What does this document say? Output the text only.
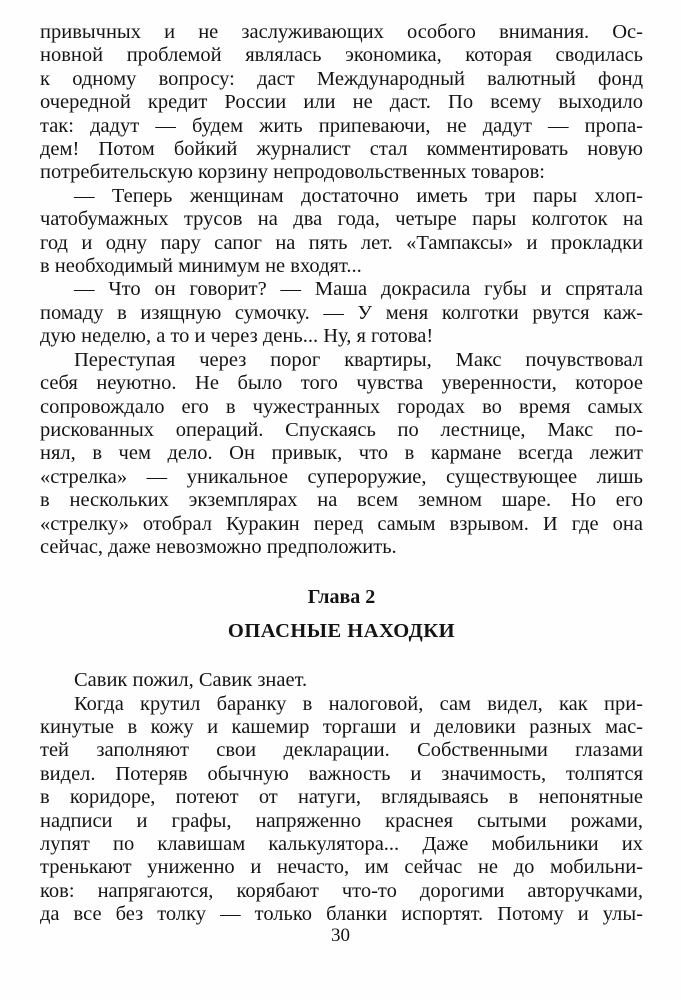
привычных и не заслуживающих особого внимания. Ос-
новной проблемой являлась экономика, которая сводилась
к одному вопросу: даст Международный валютный фонд
очередной кредит России или не даст. По всему выходило
так: дадут — будем жить припеваючи, не дадут — пропа-
дем! Потом бойкий журналист стал комментировать новую
потребительскую корзину непродовольственных товаров:

— Теперь женщинам достаточно иметь три пары хлоп-
чатобумажных трусов на два года, четыре пары колготок на
год и одну пару сапог на пять лет. «Тампаксы» и прокладки
в необходимый минимум не входят...

— Что он говорит? — Маша докрасила губы и спрятала
помаду в изящную сумочку. — У меня колготки рвутся каж-
дую неделю, а то и через день... Ну, я готова!

Переступая через порог квартиры, Макс почувствовал
себя неуютно. Не было того чувства уверенности, которое
сопровождало его в чужестранных городах во время самых
рискованных операций. Спускаясь по лестнице, Макс по-
нял, в чем дело. Он привык, что в кармане всегда лежит
«стрелка» — уникальное супероружие, существующее лишь
в нескольких экземплярах на всем земном шаре. Но его
«стрелку» отобрал Куракин перед самым взрывом. И где она
сейчас, даже невозможно предположить.

Глава 2
ОПАСНЫЕ НАХОДКИ

Савик пожил, Савик знает.

Когда крутил баранку в налоговой, сам видел, как при-
кинутые в кожу и кашемир торгаши и деловики разных мас-
тей заполняют свои декларации. Собственными глазами
видел. Потеряв обычную важность и значимость, толпятся
в коридоре, потеют от натуги, вглядываясь в непонятные
надписи и графы, напряженно краснея сытыми рожами,
лупят по клавишам калькулятора... Даже мобильники их
тренькают униженно и нечасто, им сейчас не до мобильни-
ков: напрягаются, корябают что-то дорогими авторучками,
да все без толку — только бланки испортят. Потому и улы-

30
